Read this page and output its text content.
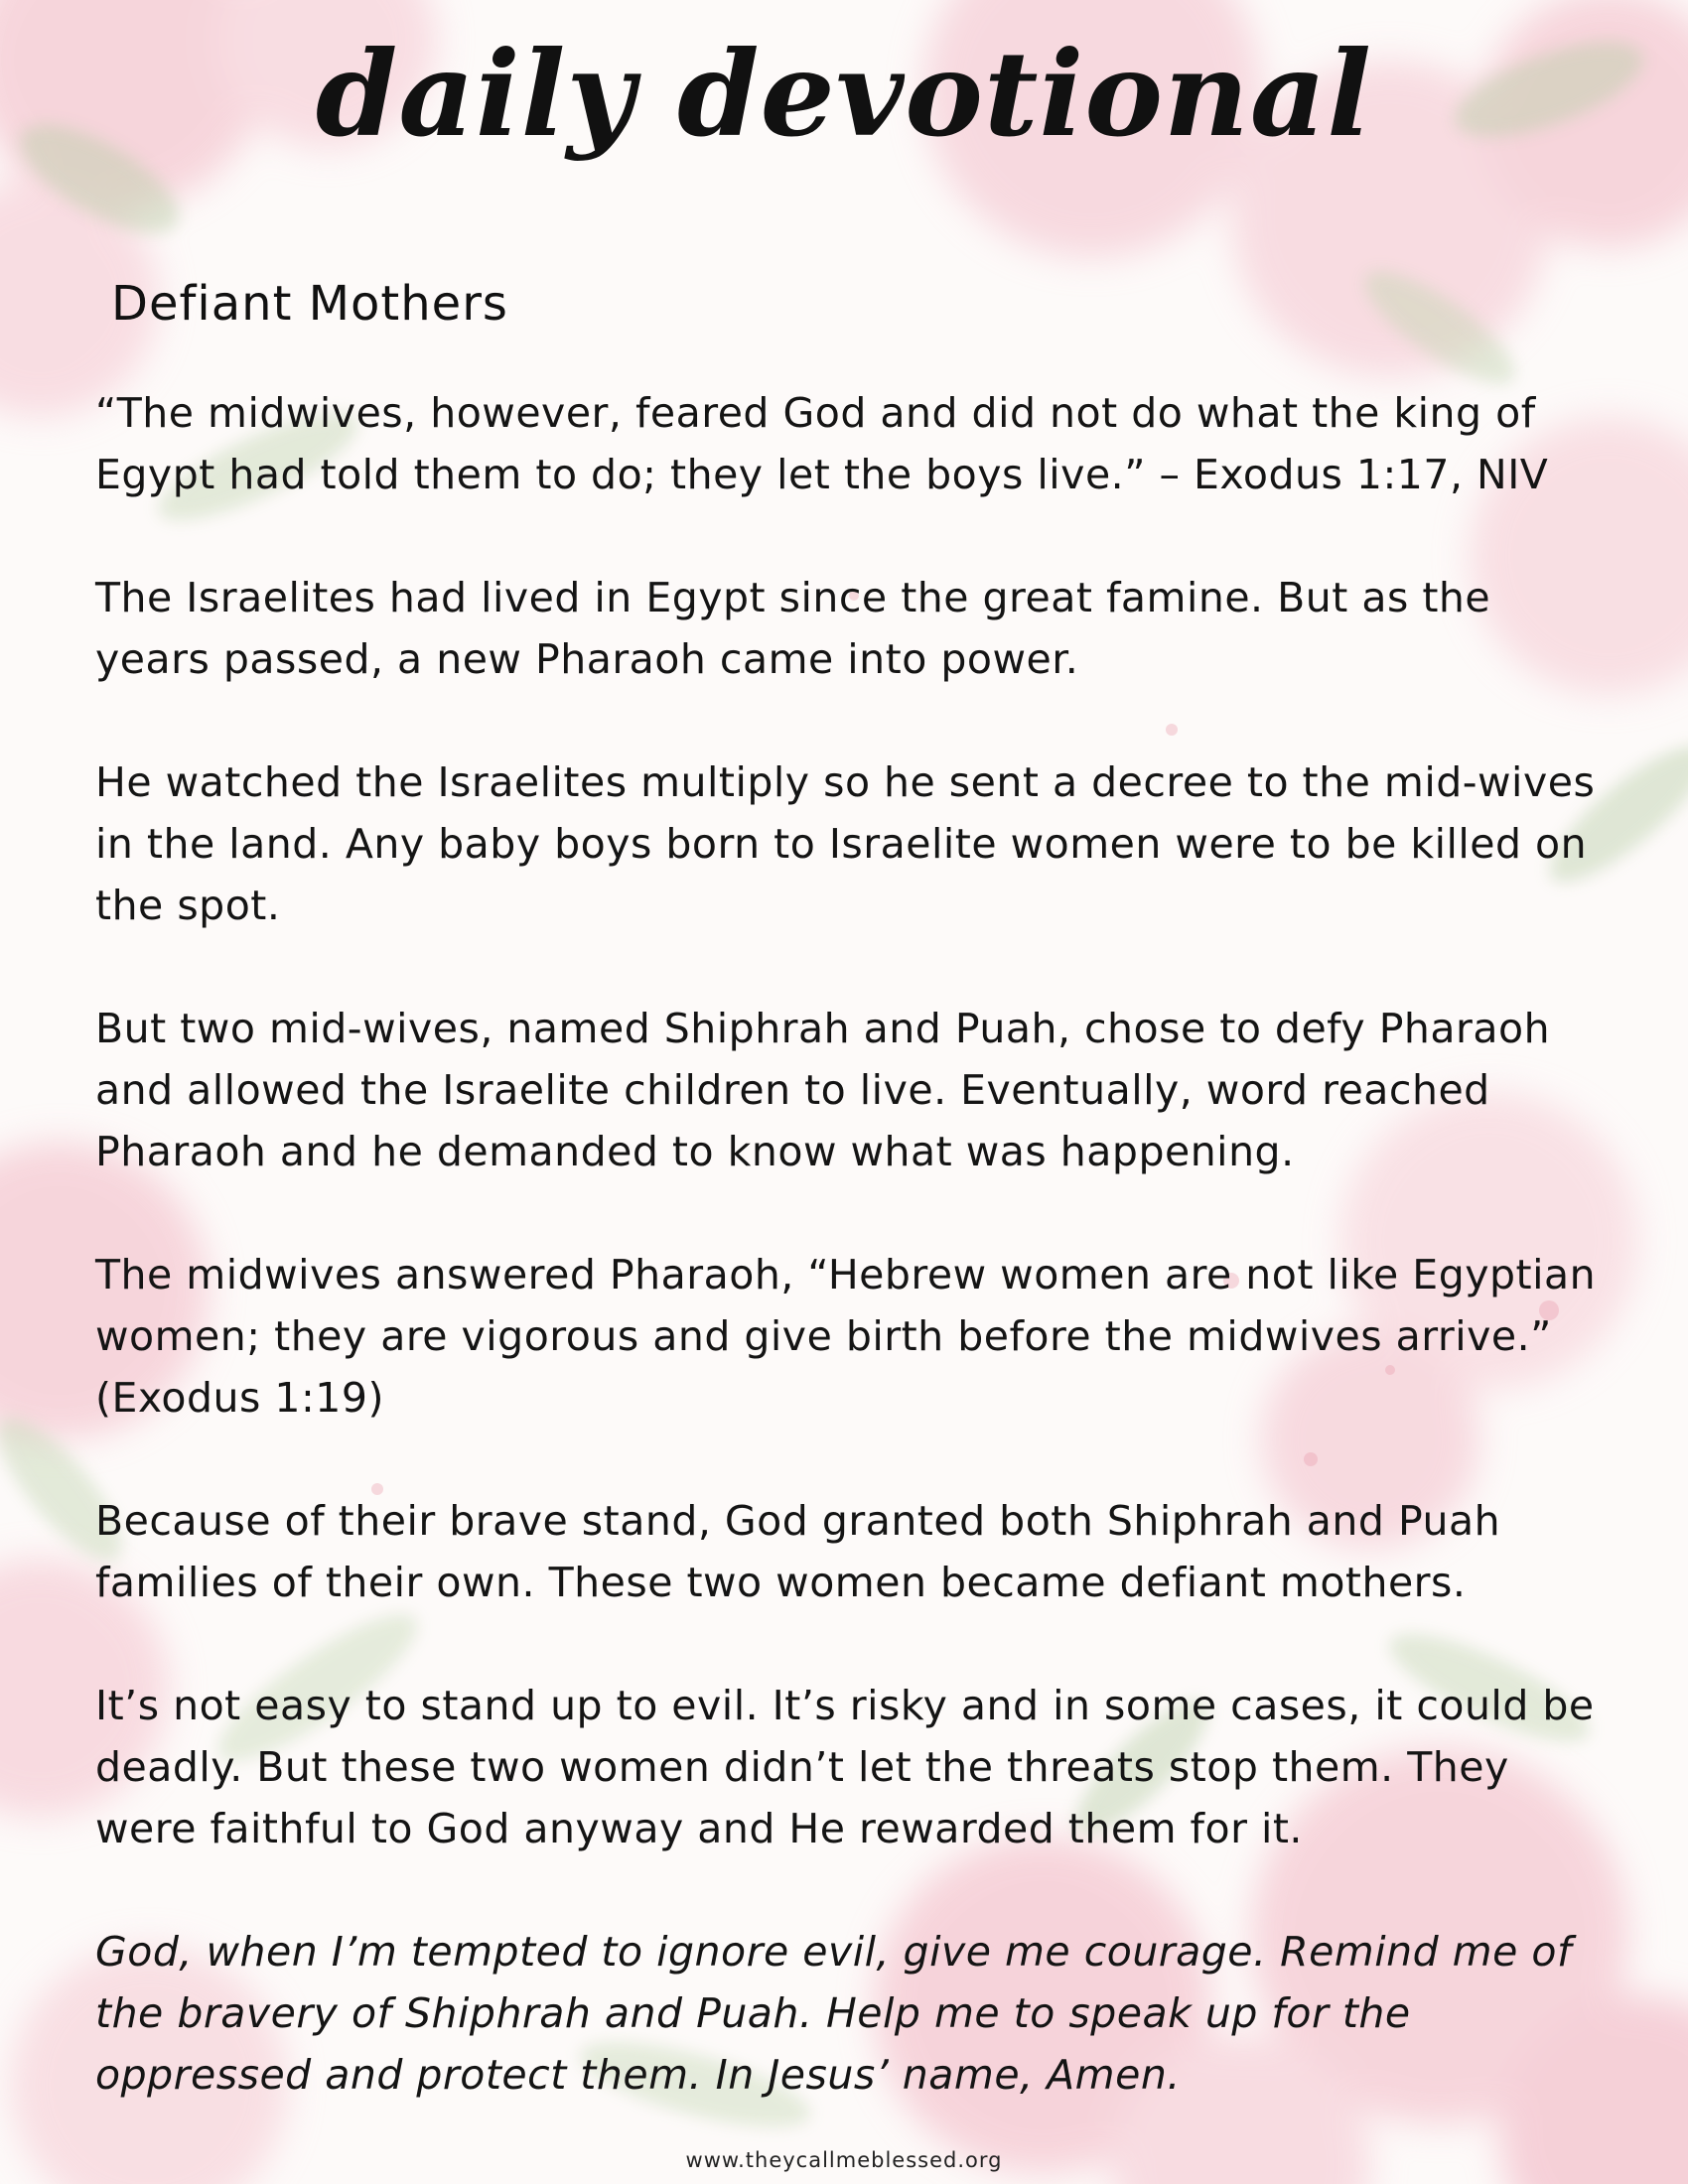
daily devotional
Defiant Mothers

“The midwives, however, feared God and did not do what the king of Egypt had told them to do; they let the boys live.” – Exodus 1:17, NIV

The Israelites had lived in Egypt since the great famine. But as the years passed, a new Pharaoh came into power.

He watched the Israelites multiply so he sent a decree to the mid-wives in the land. Any baby boys born to Israelite women were to be killed on the spot.

But two mid-wives, named Shiphrah and Puah, chose to defy Pharaoh and allowed the Israelite children to live. Eventually, word reached Pharaoh and he demanded to know what was happening.

The midwives answered Pharaoh, “Hebrew women are not like Egyptian women; they are vigorous and give birth before the midwives arrive.” (Exodus 1:19)

Because of their brave stand, God granted both Shiphrah and Puah families of their own. These two women became defiant mothers.

It’s not easy to stand up to evil. It’s risky and in some cases, it could be deadly. But these two women didn’t let the threats stop them. They were faithful to God anyway and He rewarded them for it.

God, when I’m tempted to ignore evil, give me courage. Remind me of the bravery of Shiphrah and Puah. Help me to speak up for the oppressed and protect them. In Jesus’ name, Amen.

www.theycallmeblessed.org
